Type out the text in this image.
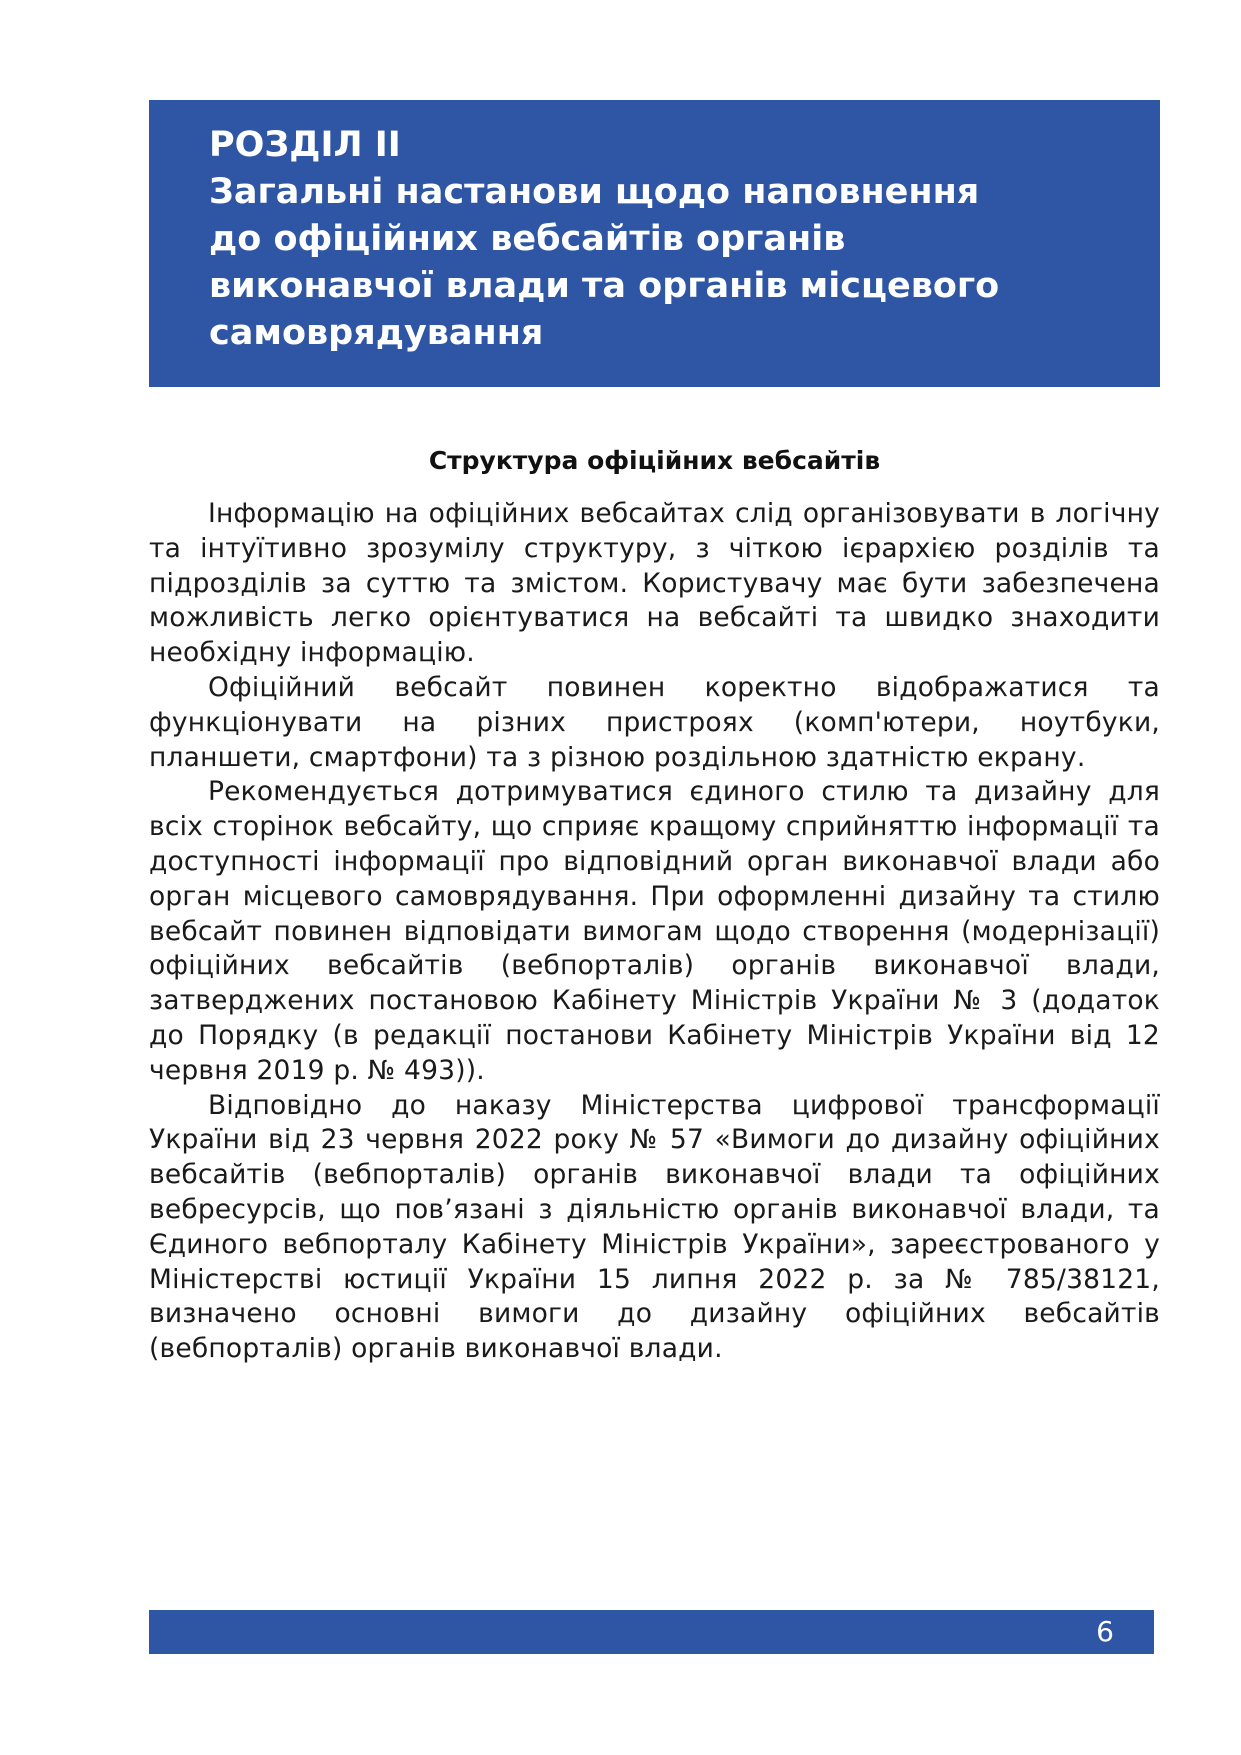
РОЗДІЛ ІІ
Загальні настанови щодо наповнення
до офіційних вебсайтів органів
виконавчої влади та органів місцевого
самоврядування
Структура офіційних вебсайтів

Інформацію на офіційних вебсайтах слід організовувати в логічну та інтуїтивно зрозумілу структуру, з чіткою ієрархією розділів та підрозділів за суттю та змістом. Користувачу має бути забезпечена можливість легко орієнтуватися на вебсайті та швидко знаходити необхідну інформацію.

Офіційний вебсайт повинен коректно відображатися та функціонувати на різних пристроях (комп'ютери, ноутбуки, планшети, смартфони) та з різною роздільною здатністю екрану.

Рекомендується дотримуватися єдиного стилю та дизайну для всіх сторінок вебсайту, що сприяє кращому сприйняттю інформації та доступності інформації про відповідний орган виконавчої влади або орган місцевого самоврядування. При оформленні дизайну та стилю вебсайт повинен відповідати вимогам щодо створення (модернізації) офіційних вебсайтів (вебпорталів) органів виконавчої влади, затверджених постановою Кабінету Міністрів України № 3 (додаток до Порядку (в редакції постанови Кабінету Міністрів України від 12 червня 2019 р. № 493)).

Відповідно до наказу Міністерства цифрової трансформації України від 23 червня 2022 року № 57 «Вимоги до дизайну офіційних вебсайтів (вебпорталів) органів виконавчої влади та офіційних вебресурсів, що пов’язані з діяльністю органів виконавчої влади, та Єдиного вебпорталу Кабінету Міністрів України», зареєстрованого у Міністерстві юстиції України 15 липня 2022 р. за № 785/38121, визначено основні вимоги до дизайну офіційних вебсайтів (вебпорталів) органів виконавчої влади.

6
